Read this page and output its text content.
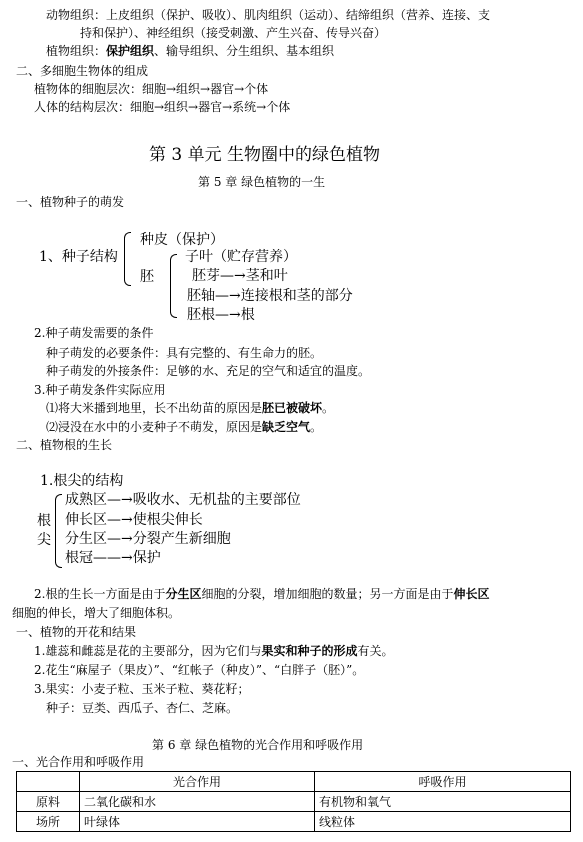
动物组织：上皮组织（保护、吸收）、肌肉组织（运动）、结缔组织（营养、连接、支
持和保护）、神经组织（接受刺激、产生兴奋、传导兴奋）
植物组织：保护组织、输导组织、分生组织、基本组织
二、多细胞生物体的组成
植物体的细胞层次：细胞→组织→器官→个体
人体的结构层次：细胞→组织→器官→系统→个体
第 3 单元 生物圈中的绿色植物
第 5 章 绿色植物的一生
一、植物种子的萌发
1、种子结构
种皮（保护）
胚
子叶（贮存营养）
胚芽—→茎和叶
胚轴—→连接根和茎的部分
胚根—→根
2.种子萌发需要的条件
种子萌发的必要条件：具有完整的、有生命力的胚。
种子萌发的外接条件：足够的水、充足的空气和适宜的温度。
3.种子萌发条件实际应用
⑴将大米播到地里，长不出幼苗的原因是胚已被破坏。
⑵浸没在水中的小麦种子不萌发，原因是缺乏空气。
二、植物根的生长
1.根尖的结构
根
尖
成熟区—→吸收水、无机盐的主要部位
伸长区—→使根尖伸长
分生区—→分裂产生新细胞
根冠——→保护
2.根的生长一方面是由于分生区细胞的分裂，增加细胞的数量；另一方面是由于伸长区
细胞的伸长，增大了细胞体积。
一、植物的开花和结果
1.雄蕊和雌蕊是花的主要部分，因为它们与果实和种子的形成有关。
2.花生“麻屋子（果皮）”、“红帐子（种皮）”、“白胖子（胚）”。
3.果实：小麦子粒、玉米子粒、葵花籽；
种子：豆类、西瓜子、杏仁、芝麻。
第 6 章 绿色植物的光合作用和呼吸作用
一、光合作用和呼吸作用
	光合作用	呼吸作用
原料	二氧化碳和水	有机物和氧气
场所	叶绿体	线粒体
